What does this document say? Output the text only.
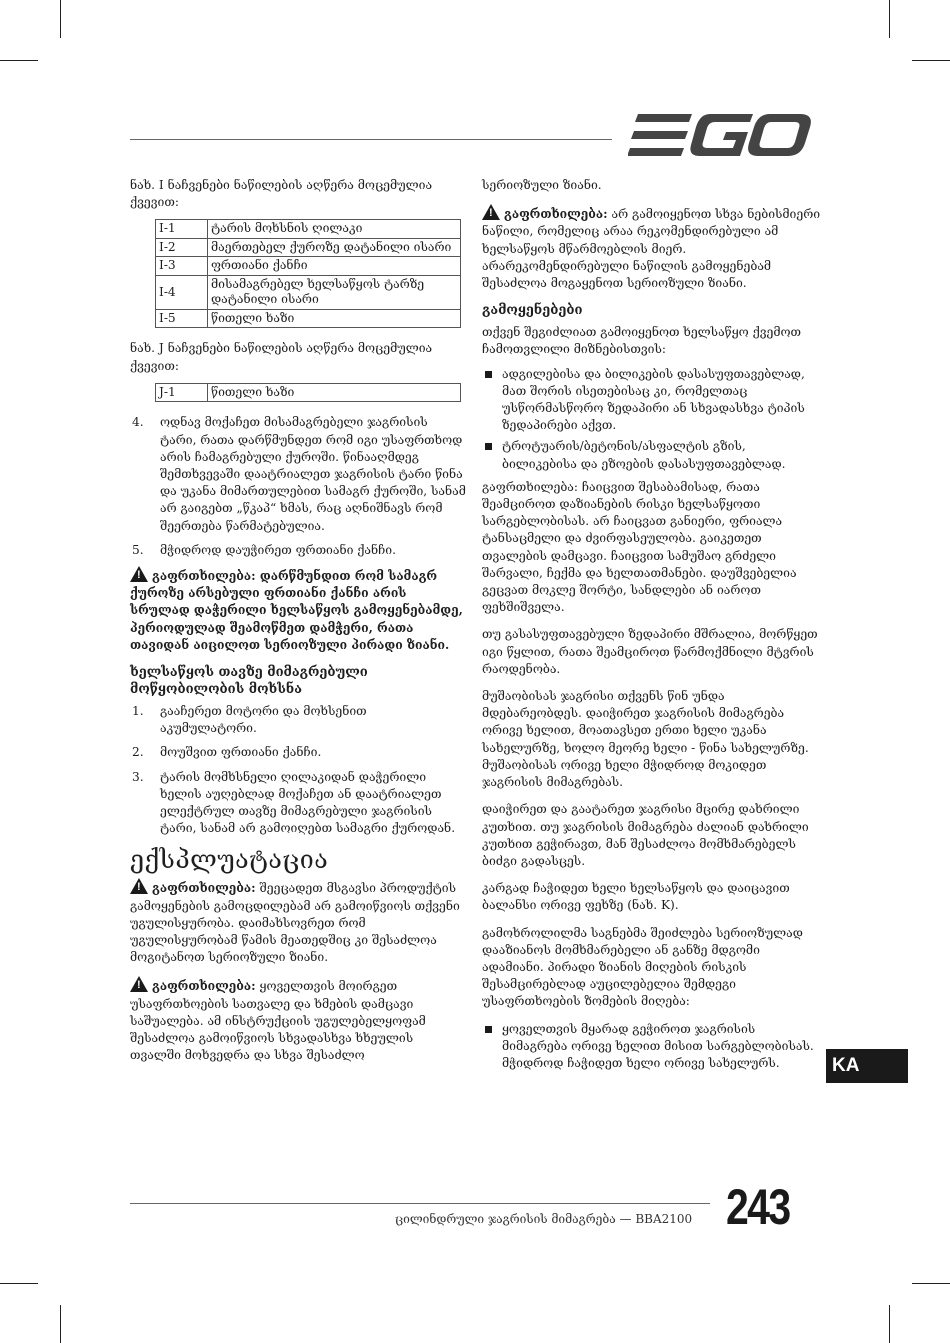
ნახ. I ნაჩვენები ნაწილების აღწერა მოცემულია ქვევით:

I-1	ტარის მოხსნის ღილაკი
I-2	მაერთებელ ქუროზე დატანილი ისარი
I-3	ფრთიანი ქანჩი
I-4	მისამაგრებელ ხელსაწყოს ტარზე დატანილი ისარი
I-5	წითელი ხაზი

ნახ. J ნაჩვენები ნაწილების აღწერა მოცემულია ქვევით:

J-1	წითელი ხაზი
4.	ოდნავ მოქაჩეთ მისამაგრებელი ჯაგრისის ტარი, რათა დარწმუნდეთ რომ იგი უსაფრთხოდ არის ჩამაგრებული ქუროში. წინააღმდეგ შემთხვევაში დაატრიალეთ ჯაგრისის ტარი წინა და უკანა მიმართულებით სამაგრ ქუროში, სანამ არ გაიგებთ „წკაპ“ ხმას, რაც აღნიშნავს რომ შეერთება წარმატებულია.
5.	მჭიდროდ დაუჭირეთ ფრთიანი ქანჩი.

!გაფრთხილება: დარწმუნდით რომ სამაგრ ქუროზე არსებული ფრთიანი ქანჩი არის სრულად დაჭერილი ხელსაწყოს გამოყენებამდე, პერიოდულად შეამოწმეთ დამჭერი, რათა თავიდან აიცილოთ სერიოზული პირადი ზიანი.

ხელსაწყოს თავზე მიმაგრებული მოწყობილობის მოხსნა

1.	გააჩერეთ მოტორი და მოხსენით აკუმულატორი.
2.	მოუშვით ფრთიანი ქანჩი.
3.	ტარის მომხსნელი ღილაკიდან დაჭერილი ხელის აუღებლად მოქაჩეთ ან დაატრიალეთ ელექტრულ თავზე მიმაგრებული ჯაგრისის ტარი, სანამ არ გამოიღებთ სამაგრი ქუროდან.

ექსპლუატაცია

!გაფრთხილება: შეეცადეთ მსგავსი პროდუქტის გამოყენების გამოცდილებამ არ გამოიწვიოს თქვენი უგულისყურობა. დაიმახსოვრეთ რომ უგულისყურობამ წამის მეათედშიც კი შესაძლოა მოგიტანოთ სერიოზული ზიანი.

!გაფრთხილება: ყოველთვის მოირგეთ უსაფრთხოების სათვალე და ხმების დამცავი საშუალება. ამ ინსტრუქციის უგულებელყოფამ შესაძლოა გამოიწვიოს სხვადასხვა ხხეულის თვალში მოხვედრა და სხვა შესაძლო

სერიოზული ზიანი.

!გაფრთხილება: არ გამოიყენოთ სხვა ნებისმიერი ნაწილი, რომელიც არაა რეკომენდირებული ამ ხელსაწყოს მწარმოებლის მიერ. არარეკომენდირებული ნაწილის გამოყენებამ შესაძლოა მოგაყენოთ სერიოზული ზიანი.

გამოყენებები

თქვენ შეგიძლიათ გამოიყენოთ ხელსაწყო ქვემოთ ჩამოთვლილი მიზნებისთვის:

ადგილებისა და ბილიკების დასასუფთავებლად, მათ შორის ისეთებისაც კი, რომელთაც უსწორმასწორო ზედაპირი ან სხვადასხვა ტიპის ზედაპირები აქვთ.
ტროტუარის/ბეტონის/ასფალტის გზის, ბილიკებისა და ეზოების დასასუფთავებლად.

გაფრთხილება: ჩაიცვით შესაბამისად, რათა შეამციროთ დაზიანების რისკი ხელსაწყოთი სარგებლობისას. არ ჩაიცვათ განიერი, ფრიალა ტანსაცმელი და ძვირფასეულობა. გაიკეთეთ თვალების დამცავი. ჩაიცვით სამუშაო გრძელი შარვალი, ჩექმა და ხელთათმანები. დაუშვებელია გეცვათ მოკლე შორტი, სანდლები ან იაროთ ფეხშიშველა.

თუ გასასუფთავებული ზედაპირი მშრალია, მორწყეთ იგი წყლით, რათა შეამციროთ წარმოქმნილი მტვრის რაოდენობა.

მუშაობისას ჯაგრისი თქვენს წინ უნდა მდებარეობდეს. დაიჭირეთ ჯაგრისის მიმაგრება ორივე ხელით, მოათავსეთ ერთი ხელი უკანა სახელურზე, ხოლო მეორე ხელი - წინა სახელურზე. მუშაობისას ორივე ხელი მჭიდროდ მოკიდეთ ჯაგრისის მიმაგრებას.

დაიჭირეთ და გაატარეთ ჯაგრისი მცირე დახრილი კუთხით. თუ ჯაგრისის მიმაგრება ძალიან დახრილი კუთხით გეჭირავთ, მან შესაძლოა მომხმარებელს ბიძგი გადასცეს.

კარგად ჩაჭიდეთ ხელი ხელსაწყოს და დაიცავით ბალანსი ორივე ფეხზე (ნახ. K).

გამოხროლილმა საგნებმა შეიძლება სერიოზულად დააზიანოს მომხმარებელი ან განზე მდგომი ადამიანი. პირადი ზიანის მიღების რისკის შესამცირებლად აუცილებელია შემდეგი უსაფრთხოების ზომების მიღება:

ყოველთვის მყარად გეჭიროთ ჯაგრისის მიმაგრება ორივე ხელით მისით სარგებლობისას. მჭიდროდ ჩაჭიდეთ ხელი ორივე სახელურს.	KA
243
ცილინდრული ჯაგრისის მიმაგრება — BBA2100
